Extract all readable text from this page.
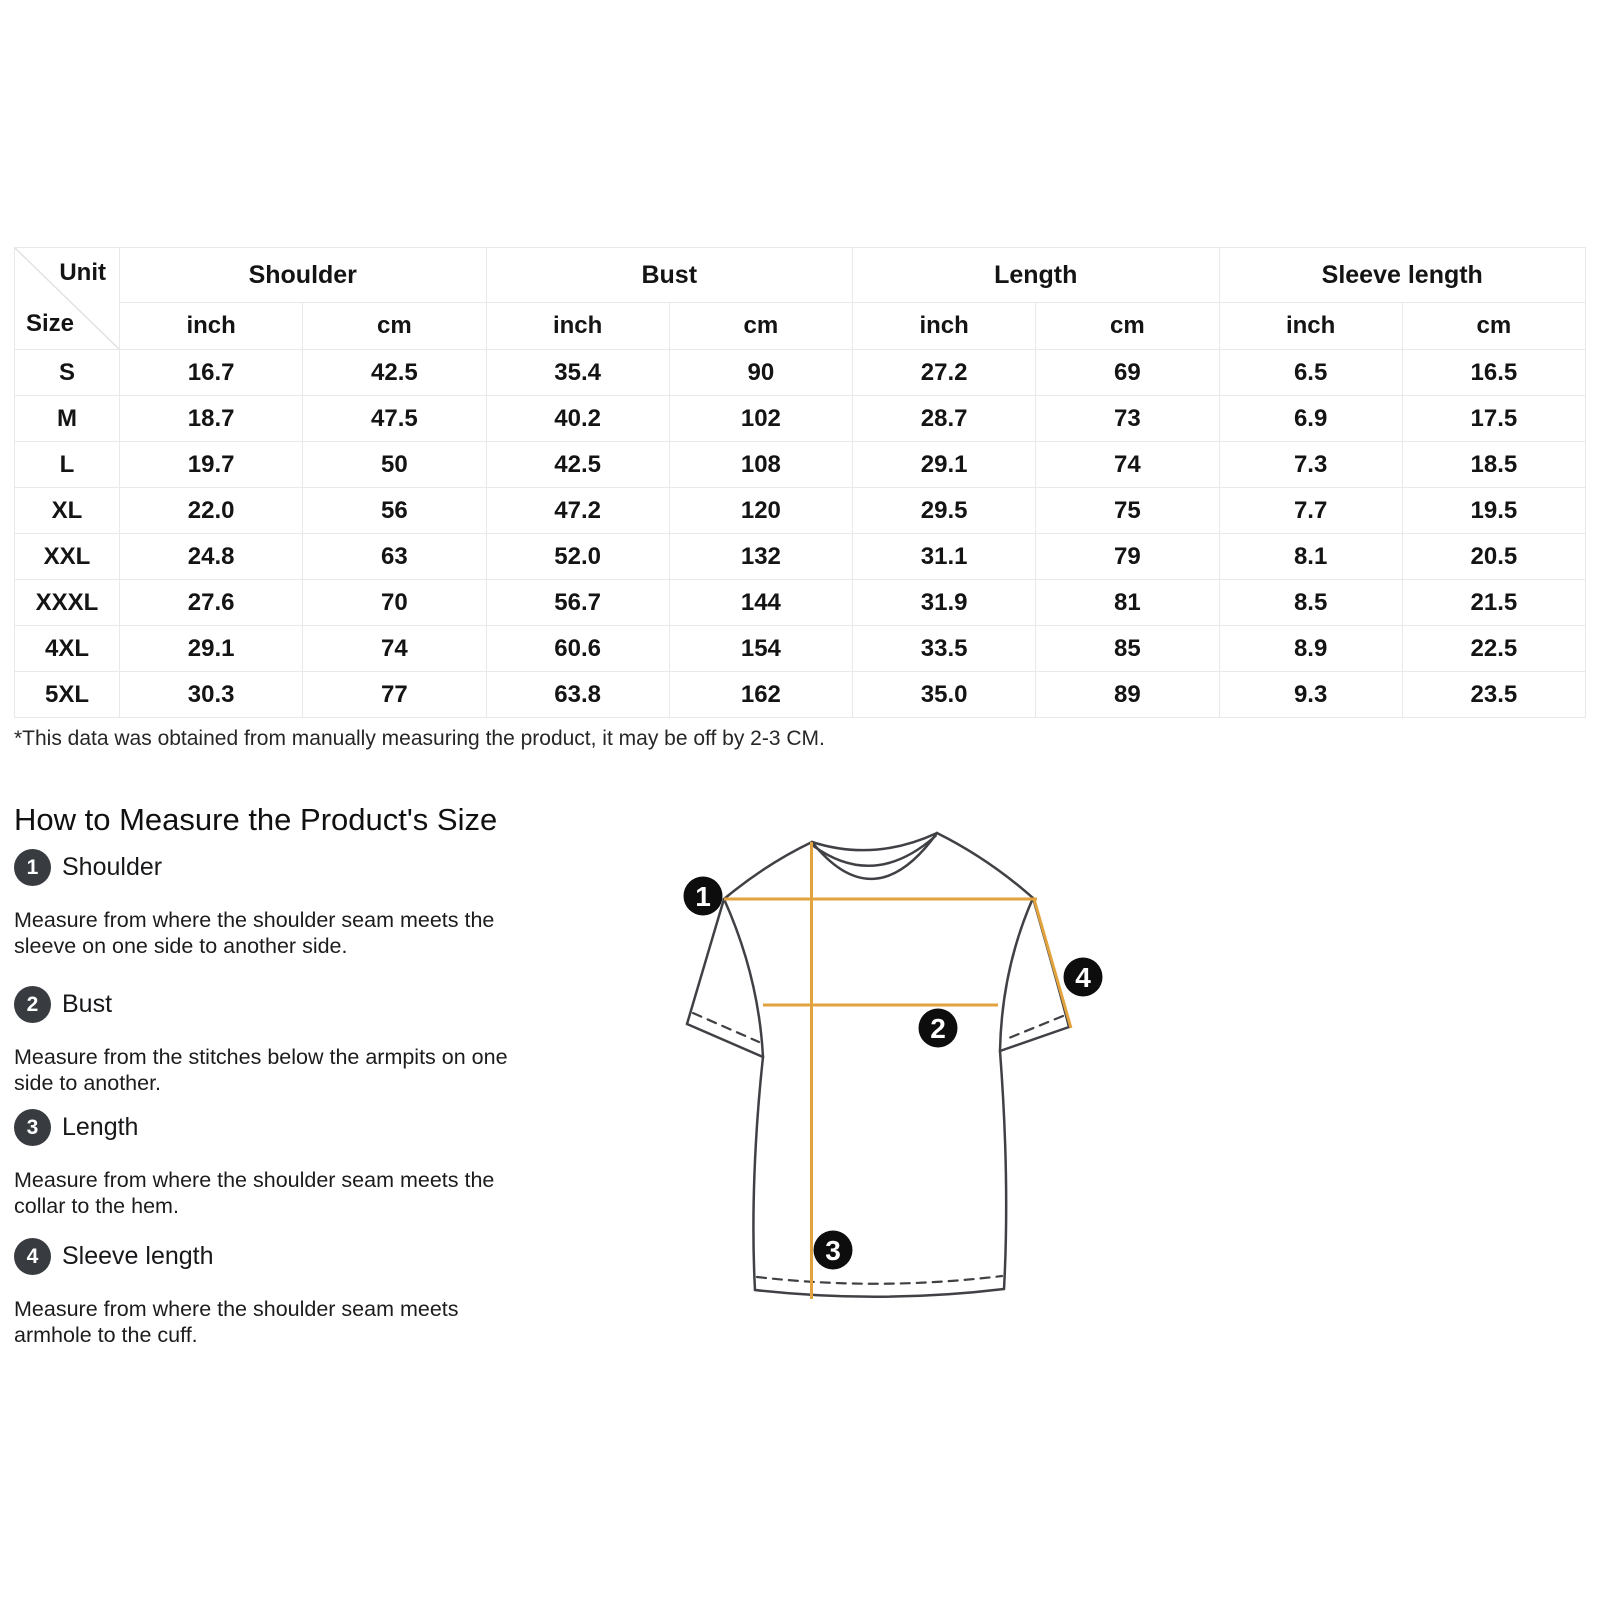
Unit
Size	Shoulder		Bust		Length		Sleeve length	
	inch	cm	inch	cm	inch	cm	inch	cm
S	16.7	42.5	35.4	90	27.2	69	6.5	16.5
M	18.7	47.5	40.2	102	28.7	73	6.9	17.5
L	19.7	50	42.5	108	29.1	74	7.3	18.5
XL	22.0	56	47.2	120	29.5	75	7.7	19.5
XXL	24.8	63	52.0	132	31.1	79	8.1	20.5
XXXL	27.6	70	56.7	144	31.9	81	8.5	21.5
4XL	29.1	74	60.6	154	33.5	85	8.9	22.5
5XL	30.3	77	63.8	162	35.0	89	9.3	23.5
*This data was obtained from manually measuring the product, it may be off by 2-3 CM.
How to Measure the Product's Size
1 Shoulder
Measure from where the shoulder seam meets the
sleeve on one side to another side.
2 Bust
Measure from the stitches below the armpits on one
side to another.
3 Length
Measure from where the shoulder seam meets the
collar to the hem.
4 Sleeve length
Measure from where the shoulder seam meets
armhole to the cuff.
1
2
3
4
